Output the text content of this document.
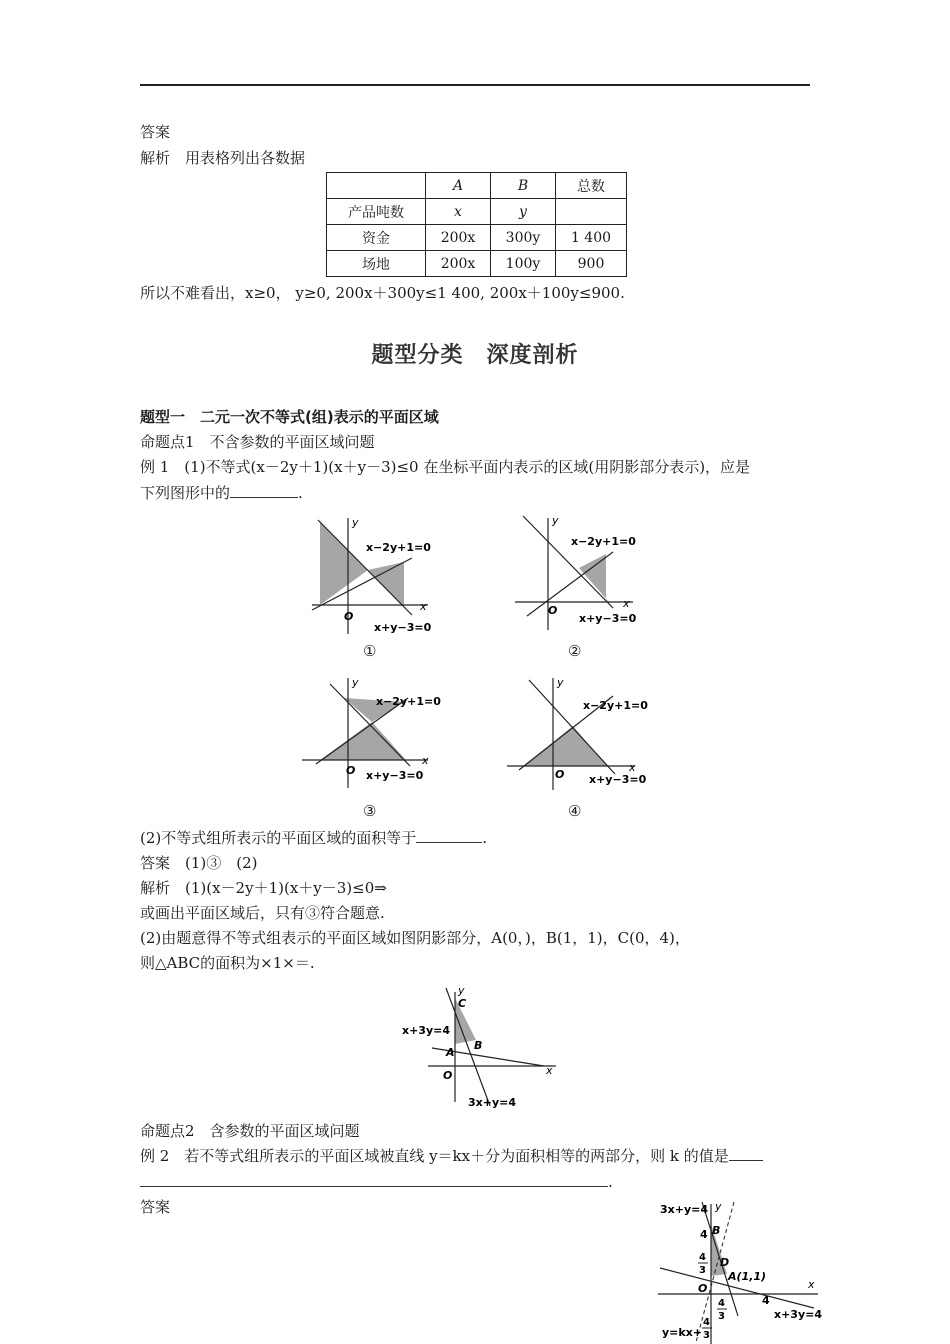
答案
解析　用表格列出各数据
	A	B	总数
产品吨数	x	y	
资金	200x	300y	1 400
场地	200x	100y	900
所以不难看出，x≥0， y≥0, 200x＋300y≤1 400, 200x＋100y≤900.
题型分类　深度剖析
题型一　二元一次不等式(组)表示的平面区域
命题点1　不含参数的平面区域问题
例 1　(1)不等式(x－2y＋1)(x＋y－3)≤0 在坐标平面内表示的区域(用阴影部分表示)，应是
下列图形中的	.
x−2y+1=0
x+y−3=0
x
y
O
①
x−2y+1=0
x+y−3=0
x
y
O
②
x−2y+1=0
x+y−3=0
x
y
O
③
x−2y+1=0
x+y−3=0
x
y
O
④
(2)不等式组所表示的平面区域的面积等于	.
答案　(1)③　(2)
解析　(1)(x－2y＋1)(x＋y－3)≤0⇒
或画出平面区域后，只有③符合题意.
(2)由题意得不等式组表示的平面区域如图阴影部分，A(0，)，B(1，1)，C(0，4)，
则△ABC的面积为×1×＝.
x+3y=4
3x+y=4
C
A
B
O	x
y
命题点2　含参数的平面区域问题
例 2　若不等式组所表示的平面区域被直线 y＝kx＋分为面积相等的两部分，则 k 的值是
.
答案	3x+y=4
x+3y=4
y=kx+
4
4
3
4
3
4
3
4
B
D
A(1,1)
O	x
y
